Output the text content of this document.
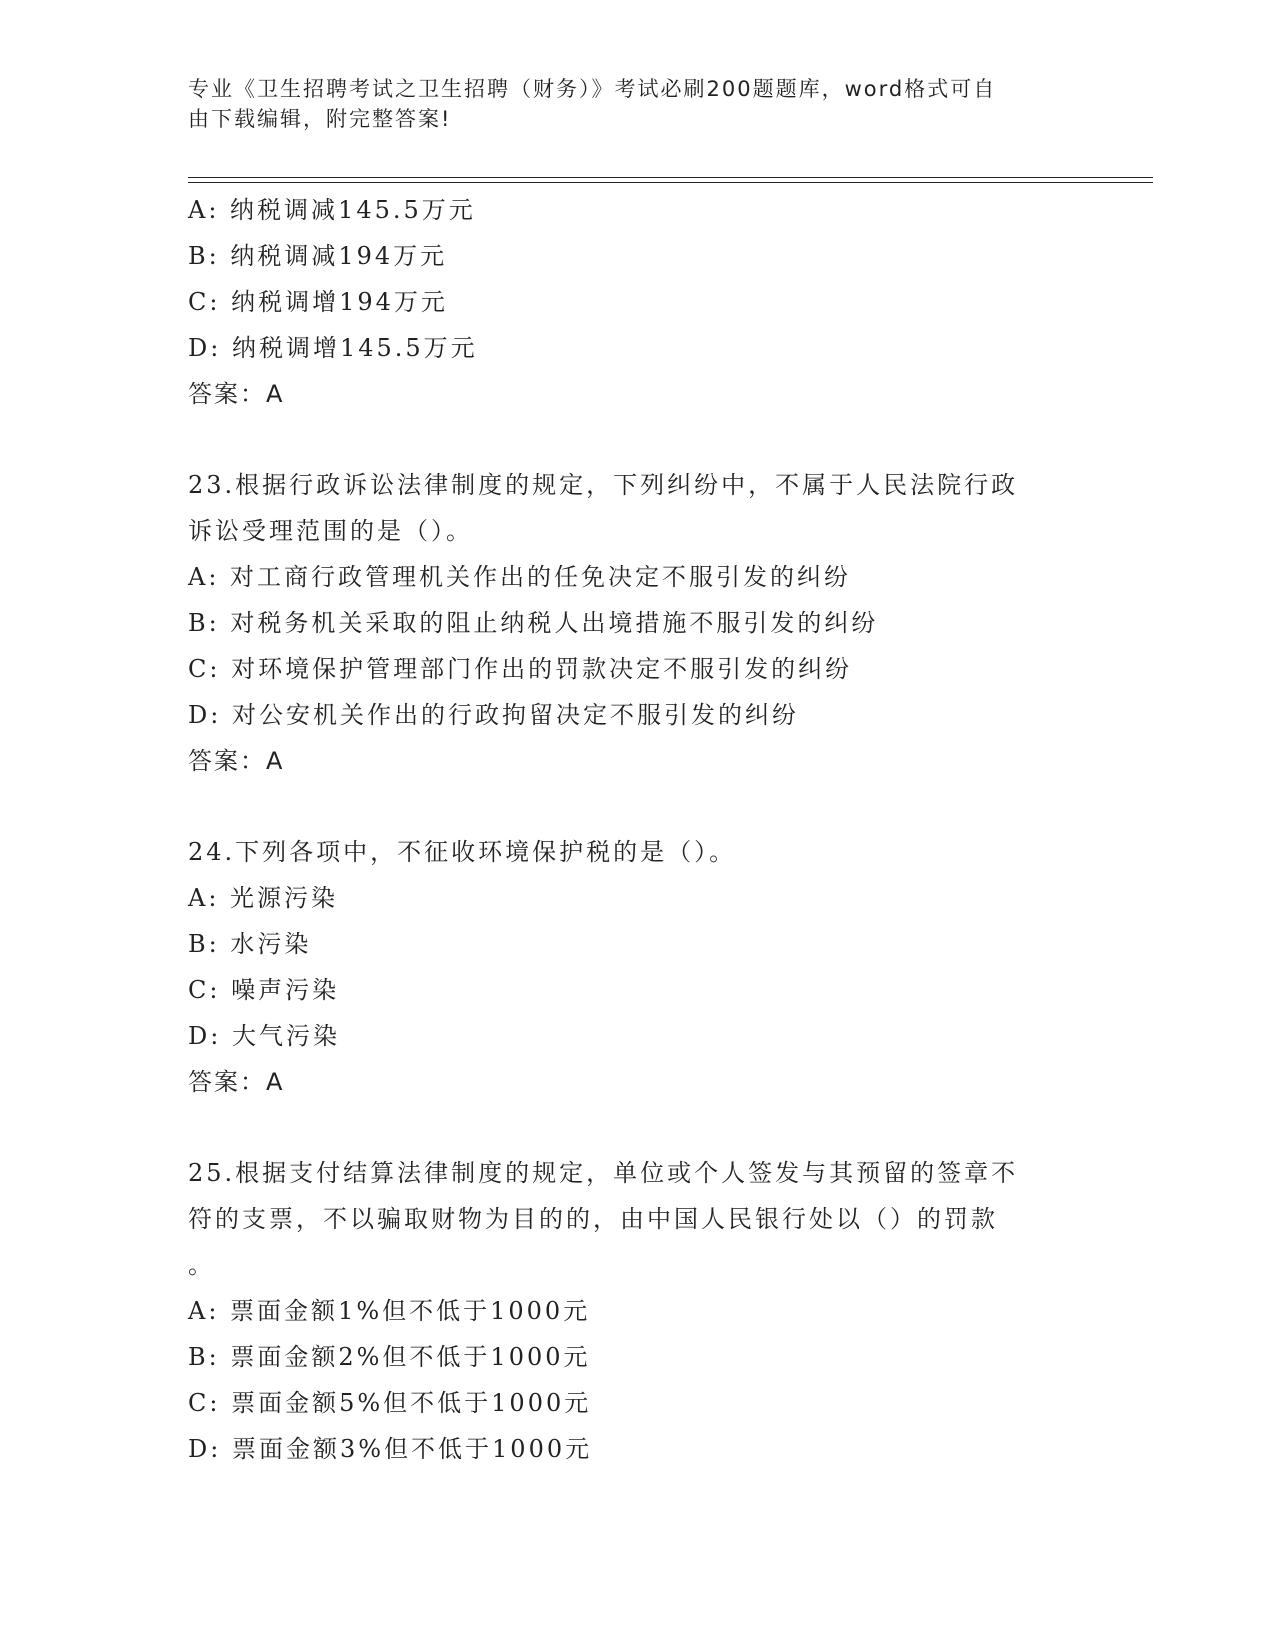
专业《卫生招聘考试之卫生招聘（财务）》考试必刷200题题库，word格式可自
由下载编辑，附完整答案!
A: 纳税调减145.5万元
B: 纳税调减194万元
C: 纳税调增194万元
D: 纳税调增145.5万元
答案：A
23.根据行政诉讼法律制度的规定，下列纠纷中，不属于人民法院行政
诉讼受理范围的是（）。
A: 对工商行政管理机关作出的任免决定不服引发的纠纷
B: 对税务机关采取的阻止纳税人出境措施不服引发的纠纷
C: 对环境保护管理部门作出的罚款决定不服引发的纠纷
D: 对公安机关作出的行政拘留决定不服引发的纠纷
答案：A
24.下列各项中，不征收环境保护税的是（）。
A: 光源污染
B: 水污染
C: 噪声污染
D: 大气污染
答案：A
25.根据支付结算法律制度的规定，单位或个人签发与其预留的签章不
符的支票，不以骗取财物为目的的，由中国人民银行处以（）的罚款
。
A: 票面金额1%但不低于1000元
B: 票面金额2%但不低于1000元
C: 票面金额5%但不低于1000元
D: 票面金额3%但不低于1000元
